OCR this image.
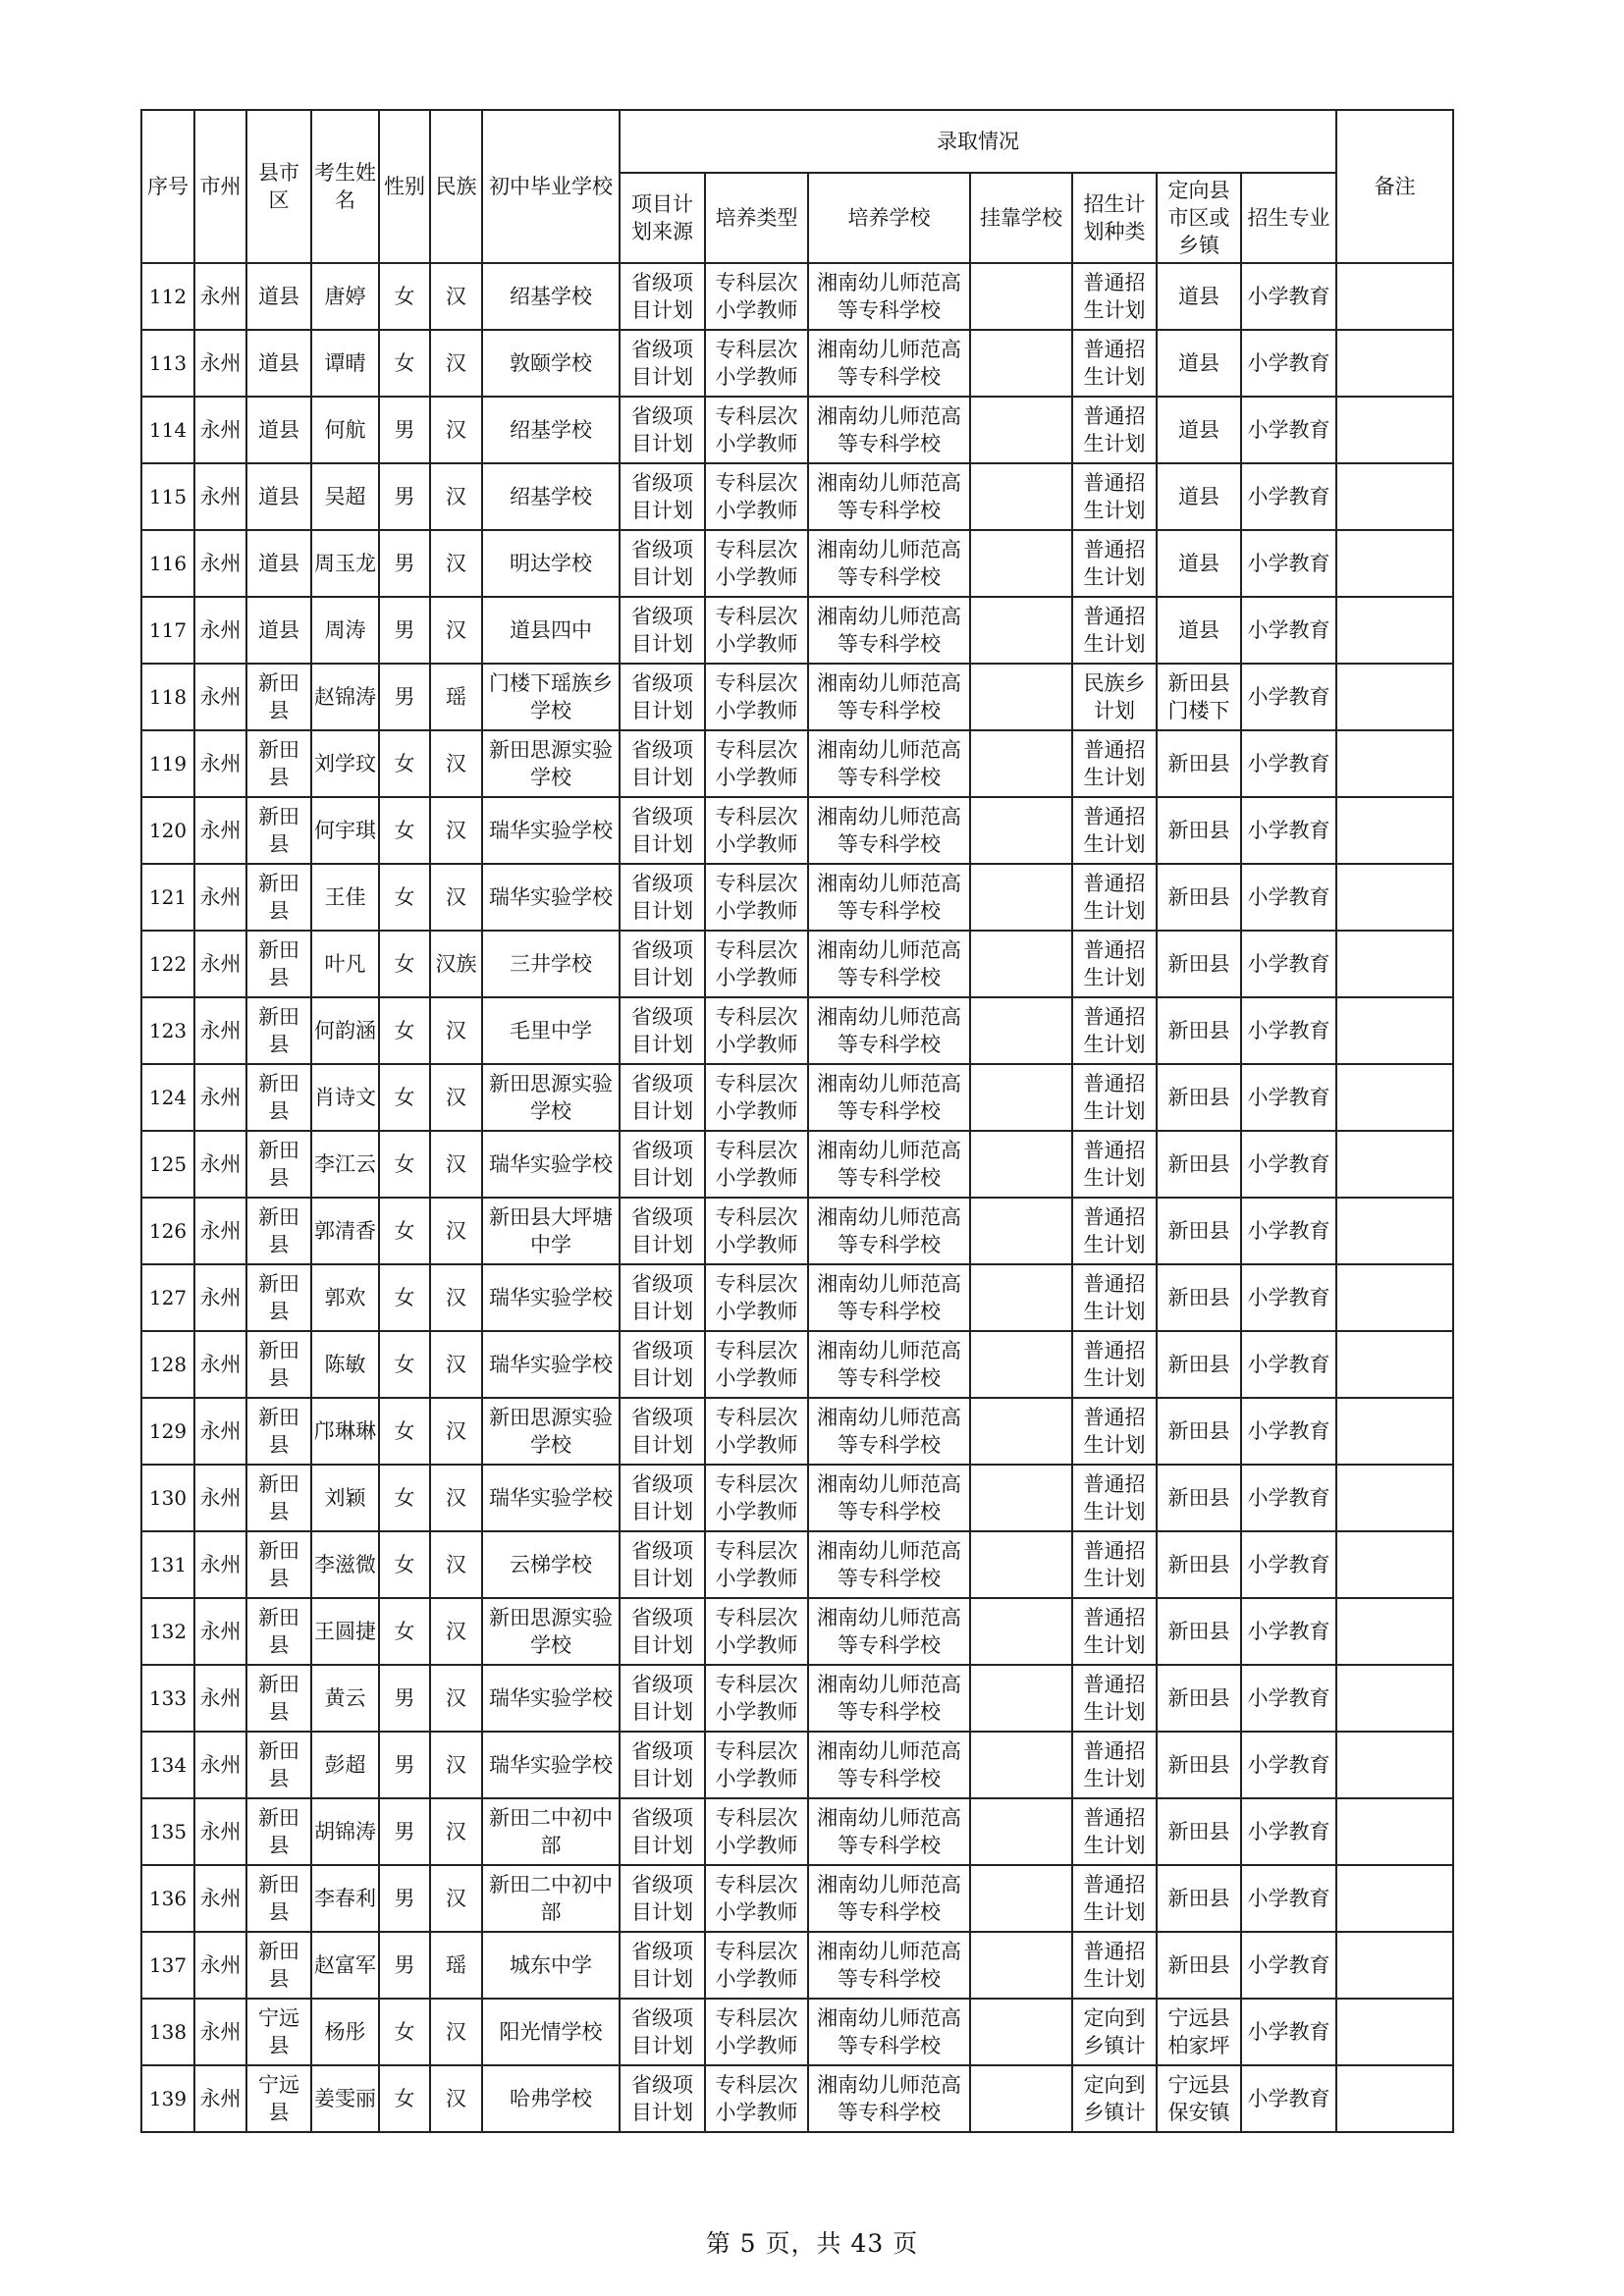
序号	市州	县市区	考生姓名	性别	民族	初中毕业学校	录取情况							备注
							项目计划来源	培养类型	培养学校	挂靠学校	招生计划种类	定向县市区或乡镇	招生专业	

112	永州	道县	唐婷	女	汉	绍基学校	省级项目计划	专科层次小学教师	湘南幼儿师范高等专科学校		普通招生计划	道县	小学教育	

113	永州	道县	谭晴	女	汉	敦颐学校	省级项目计划	专科层次小学教师	湘南幼儿师范高等专科学校		普通招生计划	道县	小学教育	

114	永州	道县	何航	男	汉	绍基学校	省级项目计划	专科层次小学教师	湘南幼儿师范高等专科学校		普通招生计划	道县	小学教育	

115	永州	道县	吴超	男	汉	绍基学校	省级项目计划	专科层次小学教师	湘南幼儿师范高等专科学校		普通招生计划	道县	小学教育	

116	永州	道县	周玉龙	男	汉	明达学校	省级项目计划	专科层次小学教师	湘南幼儿师范高等专科学校		普通招生计划	道县	小学教育	

117	永州	道县	周涛	男	汉	道县四中	省级项目计划	专科层次小学教师	湘南幼儿师范高等专科学校		普通招生计划	道县	小学教育	

118	永州	新田县	赵锦涛	男	瑶	门楼下瑶族乡学校	省级项目计划	专科层次小学教师	湘南幼儿师范高等专科学校		民族乡计划	新田县门楼下	小学教育	

119	永州	新田县	刘学玟	女	汉	新田思源实验学校	省级项目计划	专科层次小学教师	湘南幼儿师范高等专科学校		普通招生计划	新田县	小学教育	

120	永州	新田县	何宇琪	女	汉	瑞华实验学校	省级项目计划	专科层次小学教师	湘南幼儿师范高等专科学校		普通招生计划	新田县	小学教育	

121	永州	新田县	王佳	女	汉	瑞华实验学校	省级项目计划	专科层次小学教师	湘南幼儿师范高等专科学校		普通招生计划	新田县	小学教育	

122	永州	新田县	叶凡	女	汉族	三井学校	省级项目计划	专科层次小学教师	湘南幼儿师范高等专科学校		普通招生计划	新田县	小学教育	

123	永州	新田县	何韵涵	女	汉	毛里中学	省级项目计划	专科层次小学教师	湘南幼儿师范高等专科学校		普通招生计划	新田县	小学教育	

124	永州	新田县	肖诗文	女	汉	新田思源实验学校	省级项目计划	专科层次小学教师	湘南幼儿师范高等专科学校		普通招生计划	新田县	小学教育	

125	永州	新田县	李江云	女	汉	瑞华实验学校	省级项目计划	专科层次小学教师	湘南幼儿师范高等专科学校		普通招生计划	新田县	小学教育	

126	永州	新田县	郭清香	女	汉	新田县大坪塘中学	省级项目计划	专科层次小学教师	湘南幼儿师范高等专科学校		普通招生计划	新田县	小学教育	

127	永州	新田县	郭欢	女	汉	瑞华实验学校	省级项目计划	专科层次小学教师	湘南幼儿师范高等专科学校		普通招生计划	新田县	小学教育	

128	永州	新田县	陈敏	女	汉	瑞华实验学校	省级项目计划	专科层次小学教师	湘南幼儿师范高等专科学校		普通招生计划	新田县	小学教育	

129	永州	新田县	邝琳琳	女	汉	新田思源实验学校	省级项目计划	专科层次小学教师	湘南幼儿师范高等专科学校		普通招生计划	新田县	小学教育	

130	永州	新田县	刘颖	女	汉	瑞华实验学校	省级项目计划	专科层次小学教师	湘南幼儿师范高等专科学校		普通招生计划	新田县	小学教育	

131	永州	新田县	李滋微	女	汉	云梯学校	省级项目计划	专科层次小学教师	湘南幼儿师范高等专科学校		普通招生计划	新田县	小学教育	

132	永州	新田县	王圆捷	女	汉	新田思源实验学校	省级项目计划	专科层次小学教师	湘南幼儿师范高等专科学校		普通招生计划	新田县	小学教育	

133	永州	新田县	黄云	男	汉	瑞华实验学校	省级项目计划	专科层次小学教师	湘南幼儿师范高等专科学校		普通招生计划	新田县	小学教育	

134	永州	新田县	彭超	男	汉	瑞华实验学校	省级项目计划	专科层次小学教师	湘南幼儿师范高等专科学校		普通招生计划	新田县	小学教育	

135	永州	新田县	胡锦涛	男	汉	新田二中初中部	省级项目计划	专科层次小学教师	湘南幼儿师范高等专科学校		普通招生计划	新田县	小学教育	

136	永州	新田县	李春利	男	汉	新田二中初中部	省级项目计划	专科层次小学教师	湘南幼儿师范高等专科学校		普通招生计划	新田县	小学教育	

137	永州	新田县	赵富军	男	瑶	城东中学	省级项目计划	专科层次小学教师	湘南幼儿师范高等专科学校		普通招生计划	新田县	小学教育	

138	永州	宁远县	杨彤	女	汉	阳光情学校	省级项目计划	专科层次小学教师	湘南幼儿师范高等专科学校		定向到乡镇计	宁远县柏家坪	小学教育	

139	永州	宁远县	姜雯丽	女	汉	哈弗学校	省级项目计划	专科层次小学教师	湘南幼儿师范高等专科学校		定向到乡镇计	宁远县保安镇	小学教育	

第 5 页，共 43 页
